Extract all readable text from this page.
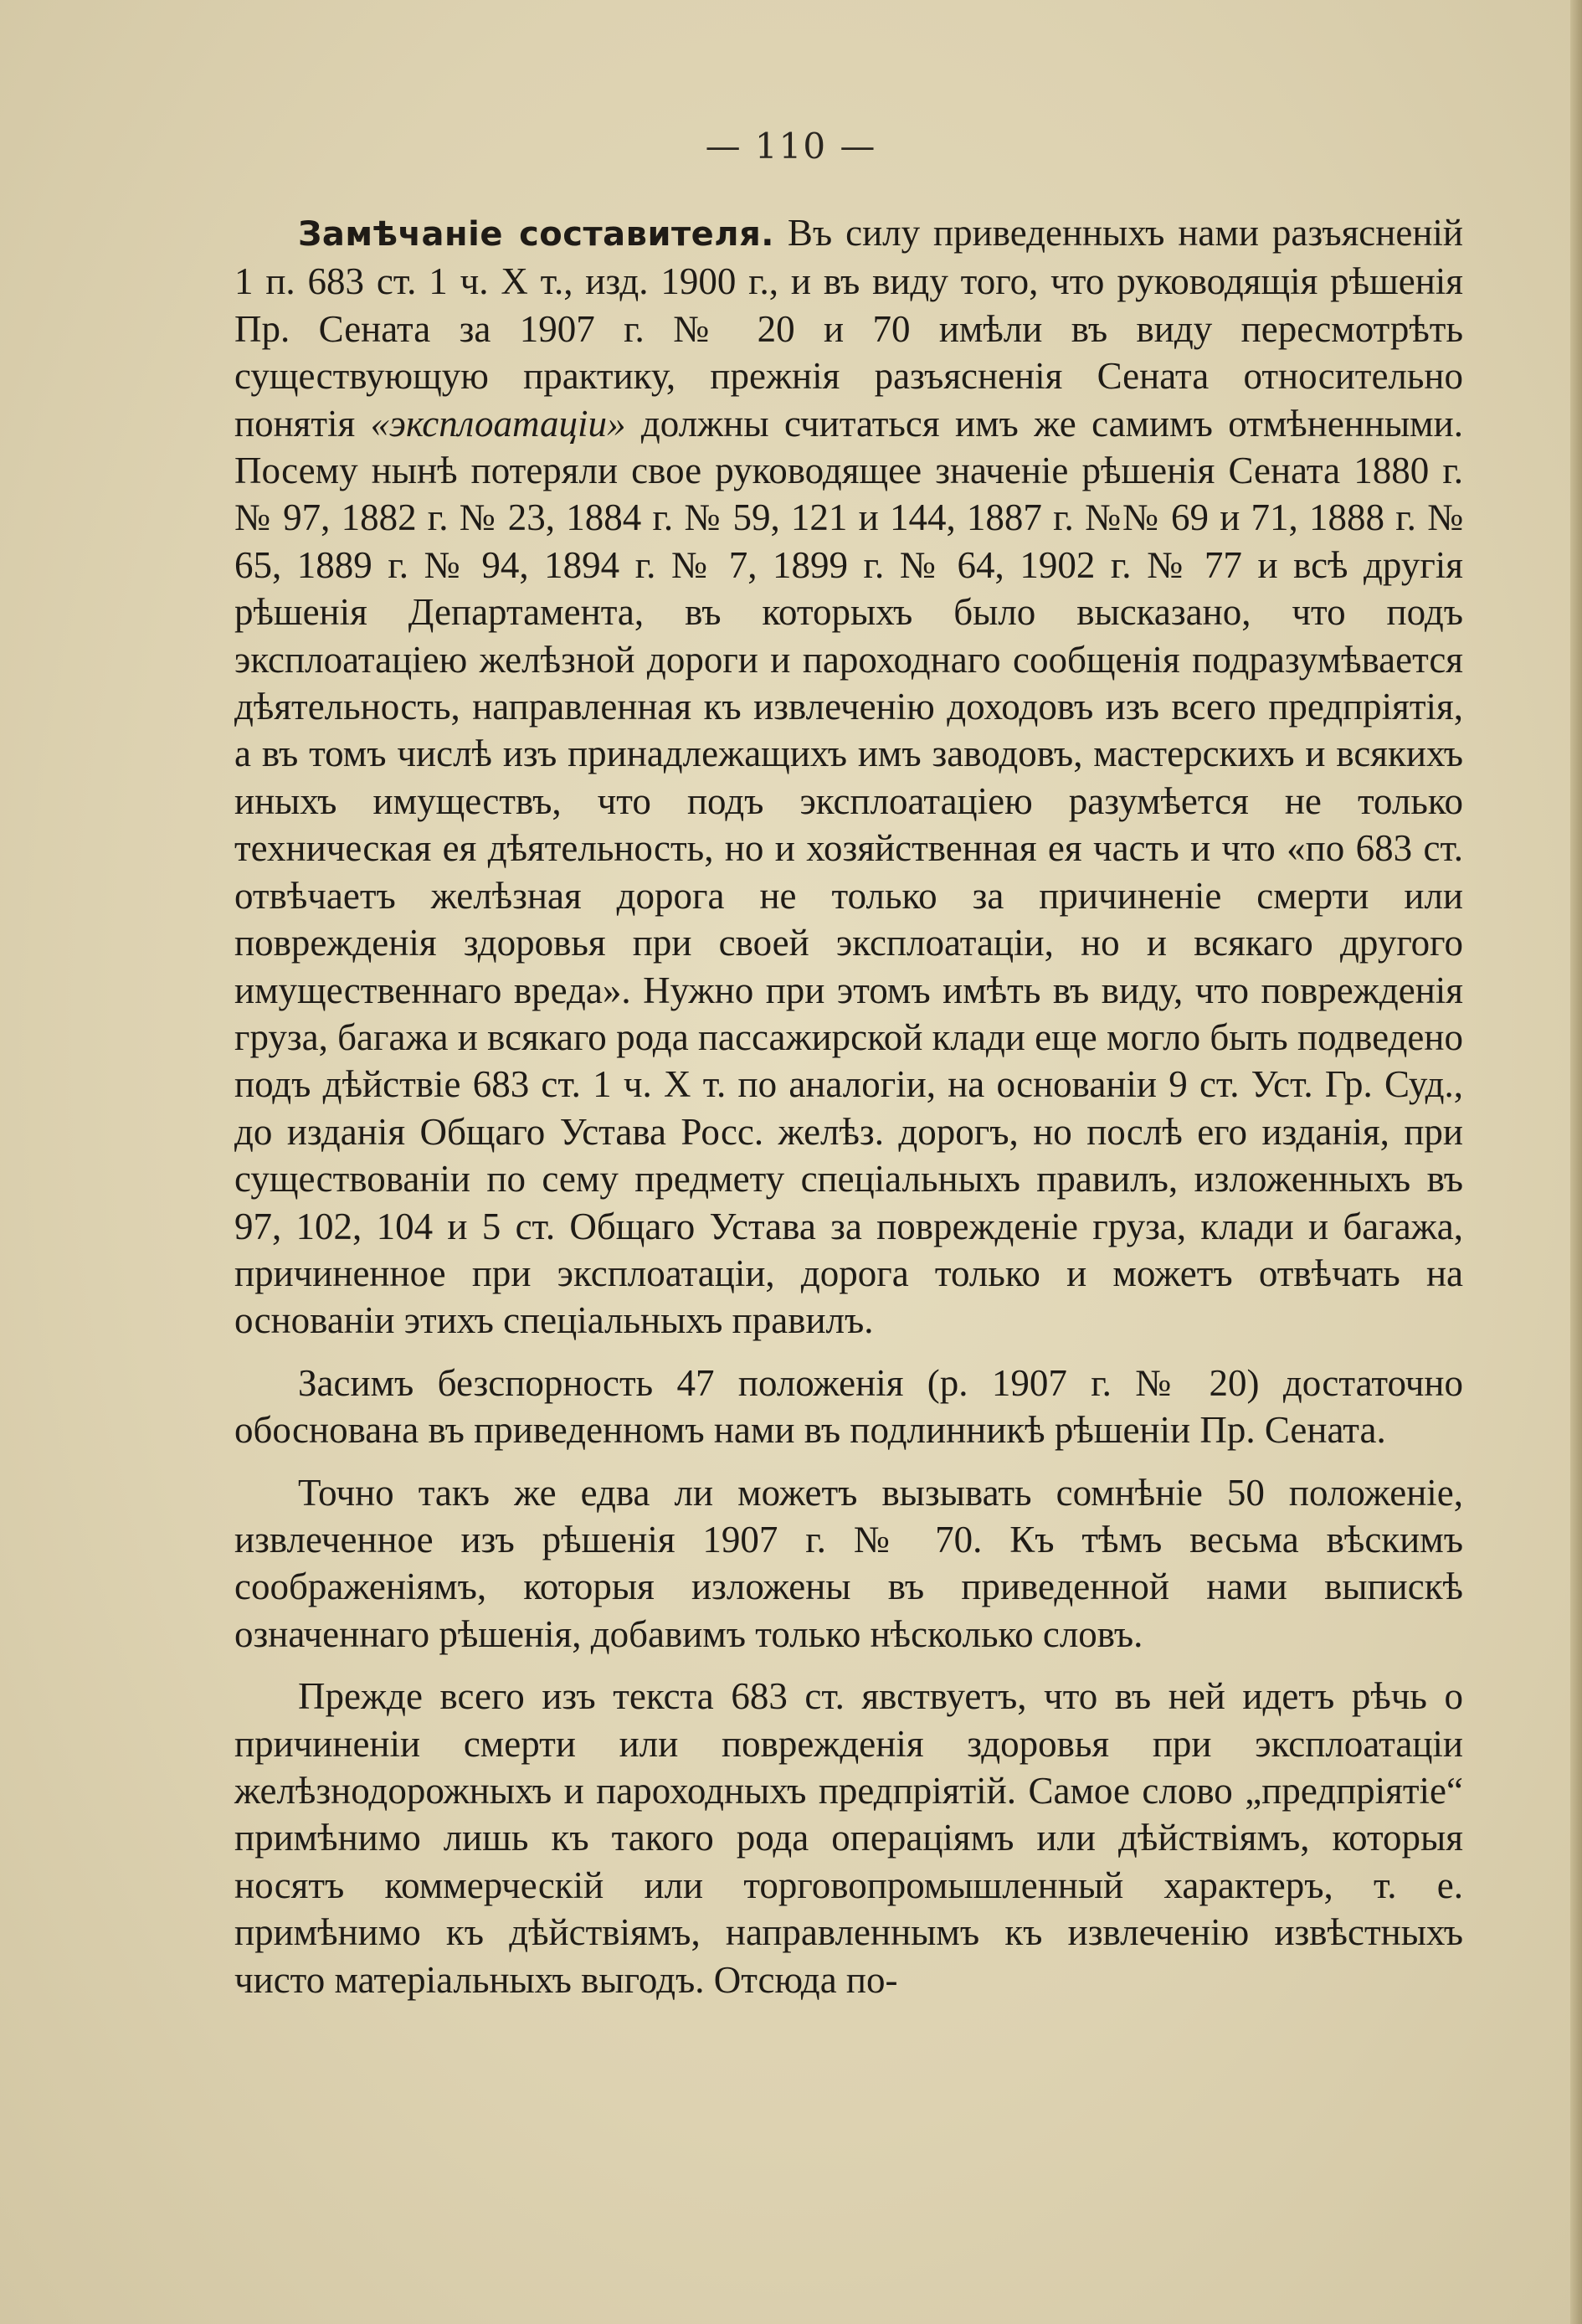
— 110 —

Замѣчаніе составителя. Въ силу приведенныхъ нами разъясненій 1 п. 683 ст. 1 ч. X т., изд. 1900 г., и въ виду того, что руководящія рѣшенія Пр. Сената за 1907 г. № 20 и 70 имѣли въ виду пересмотрѣть существующую практику, прежнія разъясненія Сената относительно понятія «эксплоатаціи» должны считаться имъ же самимъ отмѣненными. Посему нынѣ потеряли свое руководящее значеніе рѣшенія Сената 1880 г. № 97, 1882 г. № 23, 1884 г. № 59, 121 и 144, 1887 г. №№ 69 и 71, 1888 г. № 65, 1889 г. № 94, 1894 г. № 7, 1899 г. № 64, 1902 г. № 77 и всѣ другія рѣшенія Департамента, въ которыхъ было высказано, что подъ эксплоатаціею желѣзной дороги и пароходнаго сообщенія подразумѣвается дѣятельность, направленная къ извлеченію доходовъ изъ всего предпріятія, а въ томъ числѣ изъ принадлежащихъ имъ заводовъ, мастерскихъ и всякихъ иныхъ имуществъ, что подъ эксплоатаціею разумѣется не только техническая ея дѣятельность, но и хозяйственная ея часть и что «по 683 ст. отвѣчаетъ желѣзная дорога не только за причиненіе смерти или поврежденія здоровья при своей эксплоатаціи, но и всякаго другого имущественнаго вреда». Нужно при этомъ имѣть въ виду, что поврежденія груза, багажа и всякаго рода пассажирской клади еще могло быть подведено подъ дѣйствіе 683 ст. 1 ч. X т. по аналогіи, на основаніи 9 ст. Уст. Гр. Суд., до изданія Общаго Устава Росс. желѣз. дорогъ, но послѣ его изданія, при существованіи по сему предмету спеціальныхъ правилъ, изложенныхъ въ 97, 102, 104 и 5 ст. Общаго Устава за поврежденіе груза, клади и багажа, причиненное при эксплоатаціи, дорога только и можетъ отвѣчать на основаніи этихъ спеціальныхъ правилъ.

Засимъ безспорность 47 положенія (р. 1907 г. № 20) достаточно обоснована въ приведенномъ нами въ подлинникѣ рѣшеніи Пр. Сената.

Точно такъ же едва ли можетъ вызывать сомнѣніе 50 положеніе, извлеченное изъ рѣшенія 1907 г. № 70. Къ тѣмъ весьма вѣскимъ соображеніямъ, которыя изложены въ приведенной нами выпискѣ означеннаго рѣшенія, добавимъ только нѣсколько словъ.

Прежде всего изъ текста 683 ст. явствуетъ, что въ ней идетъ рѣчь о причиненіи смерти или поврежденія здоровья при эксплоатаціи желѣзнодорожныхъ и пароходныхъ предпріятій. Самое слово „предпріятіе“ примѣнимо лишь къ такого рода операціямъ или дѣйствіямъ, которыя носятъ коммерческій или торговопромышленный характеръ, т. е. примѣнимо къ дѣйствіямъ, направленнымъ къ извлеченію извѣстныхъ чисто матеріальныхъ выгодъ. Отсюда по-
